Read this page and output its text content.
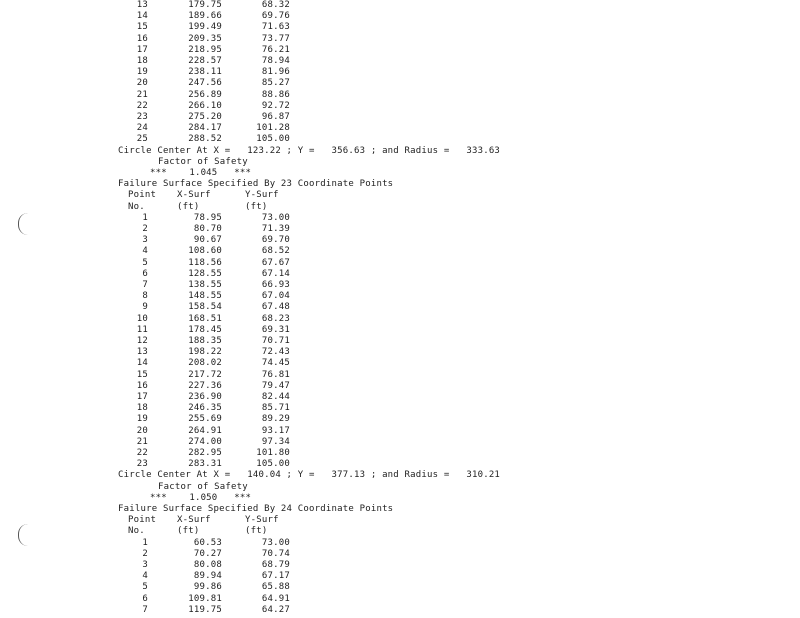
13	179.75	68.32
14	189.66	69.76
15	199.49	71.63
16	209.35	73.77
17	218.95	76.21
18	228.57	78.94
19	238.11	81.96
20	247.56	85.27
21	256.89	88.86
22	266.10	92.72
23	275.20	96.87
24	284.17	101.28
25	288.52	105.00
Circle Center At X =   123.22 ; Y =   356.63 ; and Radius =   333.63
Factor of Safety
***    1.045   ***
Failure Surface Specified By 23 Coordinate Points
Point X-Surf	Y-Surf
No.	(ft)	(ft)
1	78.95	73.00
2	80.70	71.39
3	90.67	69.70
4	108.60	68.52
5	118.56	67.67
6	128.55	67.14
7	138.55	66.93
8	148.55	67.04
9	158.54	67.48
10	168.51	68.23
11	178.45	69.31
12	188.35	70.71
13	198.22	72.43
14	208.02	74.45
15	217.72	76.81
16	227.36	79.47
17	236.90	82.44
18	246.35	85.71
19	255.69	89.29
20	264.91	93.17
21	274.00	97.34
22	282.95	101.80
23	283.31	105.00
Circle Center At X =   140.04 ; Y =   377.13 ; and Radius =   310.21
Factor of Safety
***    1.050   ***
Failure Surface Specified By 24 Coordinate Points
Point X-Surf	Y-Surf
No.	(ft)	(ft)
1	60.53	73.00
2	70.27	70.74
3	80.08	68.79
4	89.94	67.17
5	99.86	65.88
6	109.81	64.91
7	119.75	64.27
